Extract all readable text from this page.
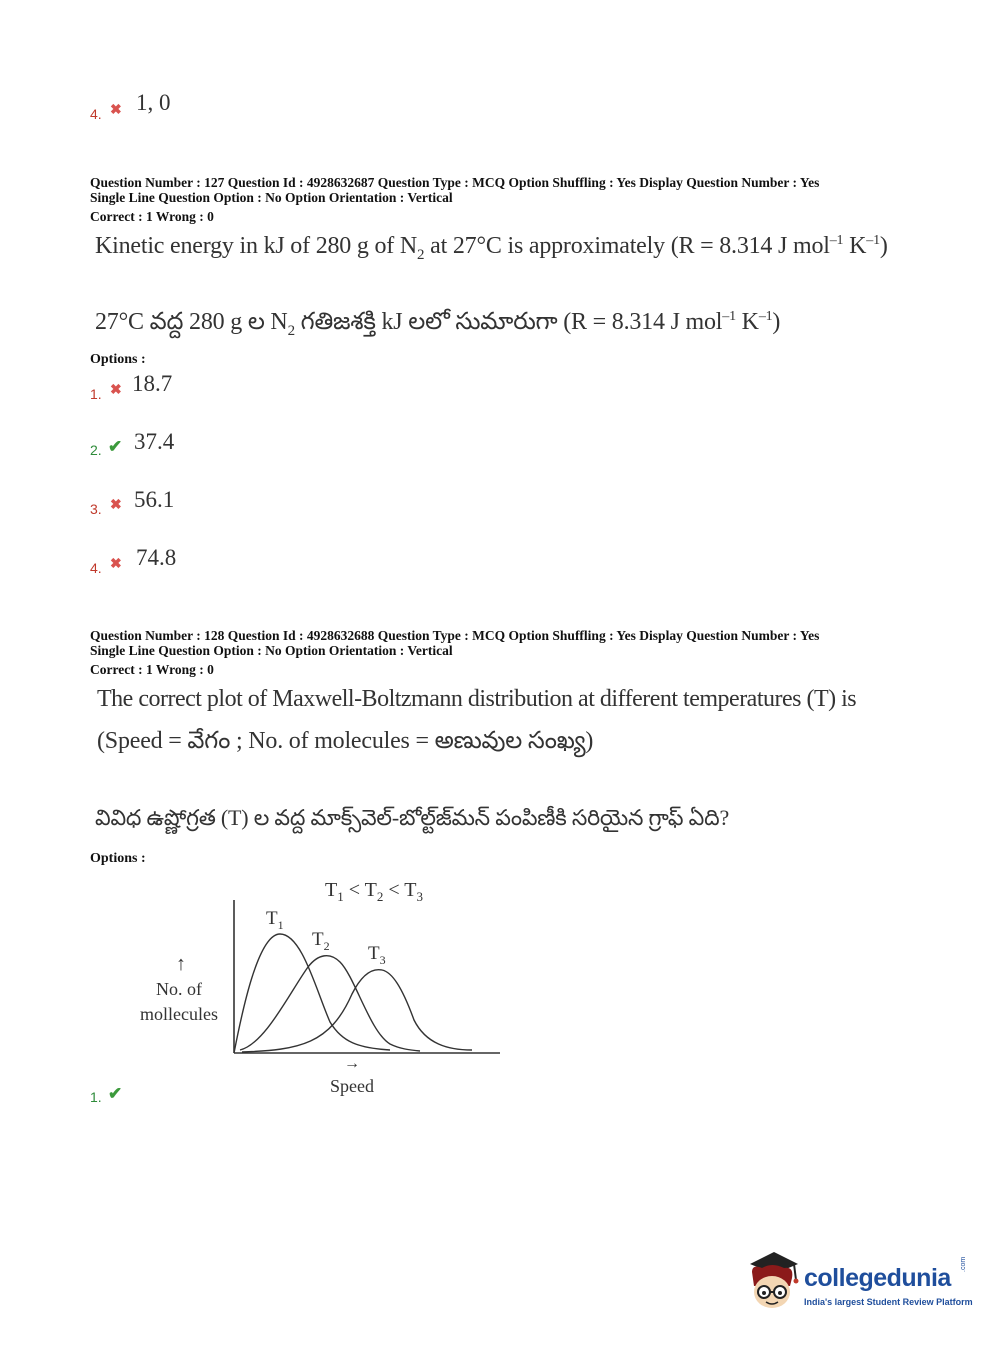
4. ✖ 1, 0
Question Number : 127 Question Id : 4928632687 Question Type : MCQ Option Shuffling : Yes Display Question Number : Yes
Single Line Question Option : No Option Orientation : Vertical
Correct : 1 Wrong : 0
Kinetic energy in kJ of 280 g of $N_2$ at 27°C is approximately (R = 8.314 J mol$^{-1}$ $K^{-1}$)
27°C వద్ద 280 g ల $N_2$ గతిజశక్తి kJ లలో సుమారుగా (R = 8.314 J mol$^{-1}$ $K^{-1}$)
Options :
1. ✖ 18.7
2. ✔ 37.4
3. ✖ 56.1
4. ✖ 74.8
Question Number : 128 Question Id : 4928632688 Question Type : MCQ Option Shuffling : Yes Display Question Number : Yes
Single Line Question Option : No Option Orientation : Vertical
Correct : 1 Wrong : 0
The correct plot of Maxwell-Boltzmann distribution at different temperatures (T) is
(Speed = వేగం ; No. of molecules = అణువుల సంఖ్య)
వివిధ ఉష్ణోగ్రత (T) ల వద్ద మాక్స్‌వెల్-బోల్ట్‌జ్‌మన్ పంపిణీకి సరియైన గ్రాఫ్ ఏది?
Options :
$T_1 < T_2 < T_3$
$T_1$
$T_2$ $T_3$
↑
No. of
mollecules
→
Speed
1. ✔
collegedunia .com
India's largest Student Review Platform
